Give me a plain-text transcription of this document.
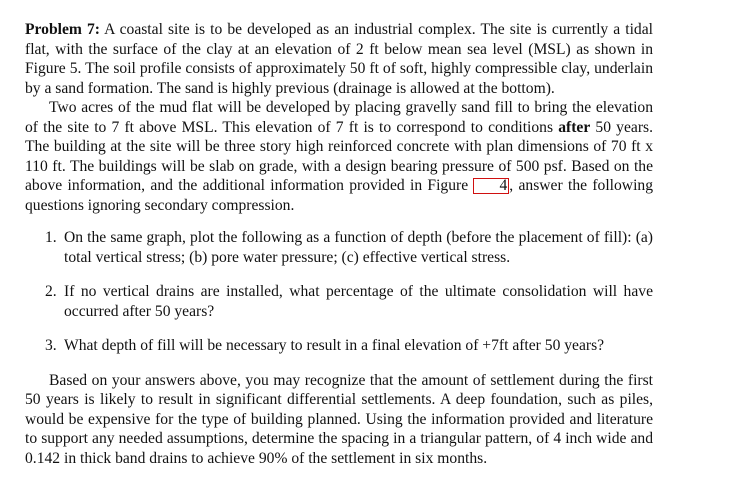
Problem 7: A coastal site is to be developed as an industrial complex. The site is currently a tidal flat, with the surface of the clay at an elevation of 2 ft below mean sea level (MSL) as shown in Figure 5. The soil profile consists of approximately 50 ft of soft, highly compressible clay, underlain by a sand formation. The sand is highly previous (drainage is allowed at the bottom).

Two acres of the mud flat will be developed by placing gravelly sand fill to bring the elevation of the site to 7 ft above MSL. This elevation of 7 ft is to correspond to conditions after 50 years. The building at the site will be three story high reinforced concrete with plan dimensions of 70 ft x 110 ft. The buildings will be slab on grade, with a design bearing pressure of 500 psf. Based on the above information, and the additional information provided in Figure 4 , answer the following questions ignoring secondary compression.

1. On the same graph, plot the following as a function of depth (before the placement of fill): (a) total vertical stress; (b) pore water pressure; (c) effective vertical stress.
2. If no vertical drains are installed, what percentage of the ultimate consolidation will have occurred after 50 years?
3. What depth of fill will be necessary to result in a final elevation of +7ft after 50 years?

Based on your answers above, you may recognize that the amount of settlement during the first 50 years is likely to result in significant differential settlements. A deep foundation, such as piles, would be expensive for the type of building planned. Using the information provided and literature to support any needed assumptions, determine the spacing in a triangular pattern, of 4 inch wide and 0.142 in thick band drains to achieve 90% of the settlement in six months.
